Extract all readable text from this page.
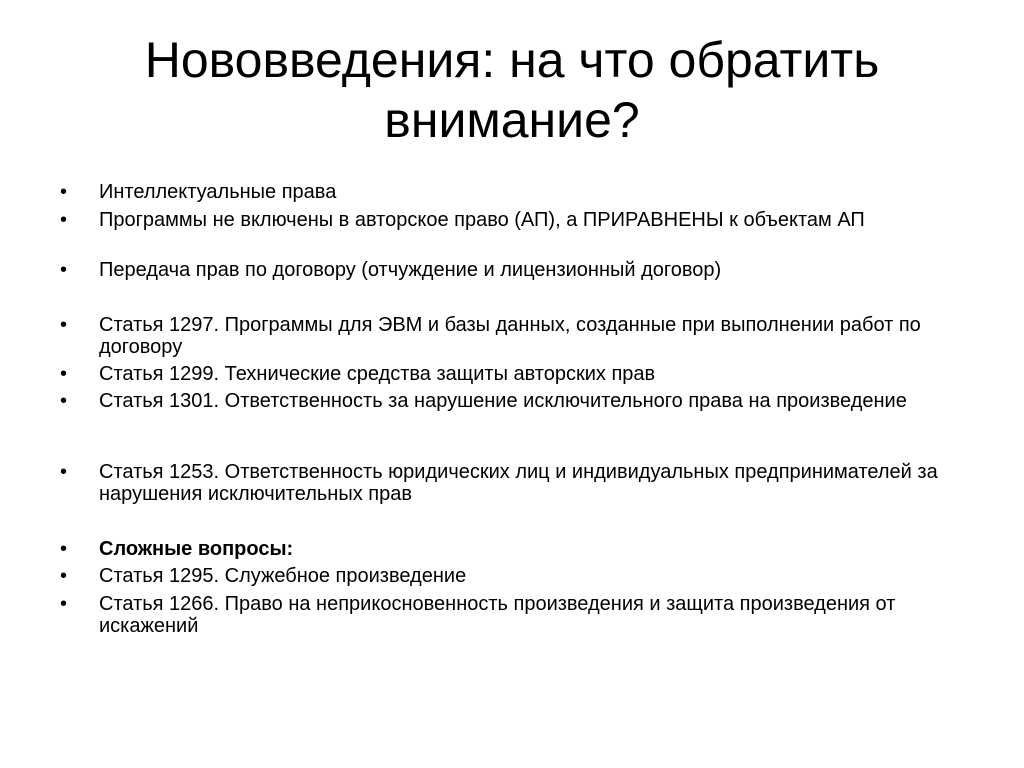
Нововведения: на что обратить внимание?
• Интеллектуальные права
• Программы не включены в авторское право (АП), а ПРИРАВНЕНЫ к объектам АП
• Передача прав по договору (отчуждение и лицензионный договор)
• Статья 1297. Программы для ЭВМ и базы данных, созданные при выполнении работ по договору
• Статья 1299. Технические средства защиты авторских прав
• Статья 1301. Ответственность за нарушение исключительного права на произведение
• Статья 1253. Ответственность юридических лиц и индивидуальных предпринимателей за нарушения исключительных прав
• Сложные вопросы:
• Статья 1295. Служебное произведение
• Статья 1266. Право на неприкосновенность произведения и защита произведения от искажений
